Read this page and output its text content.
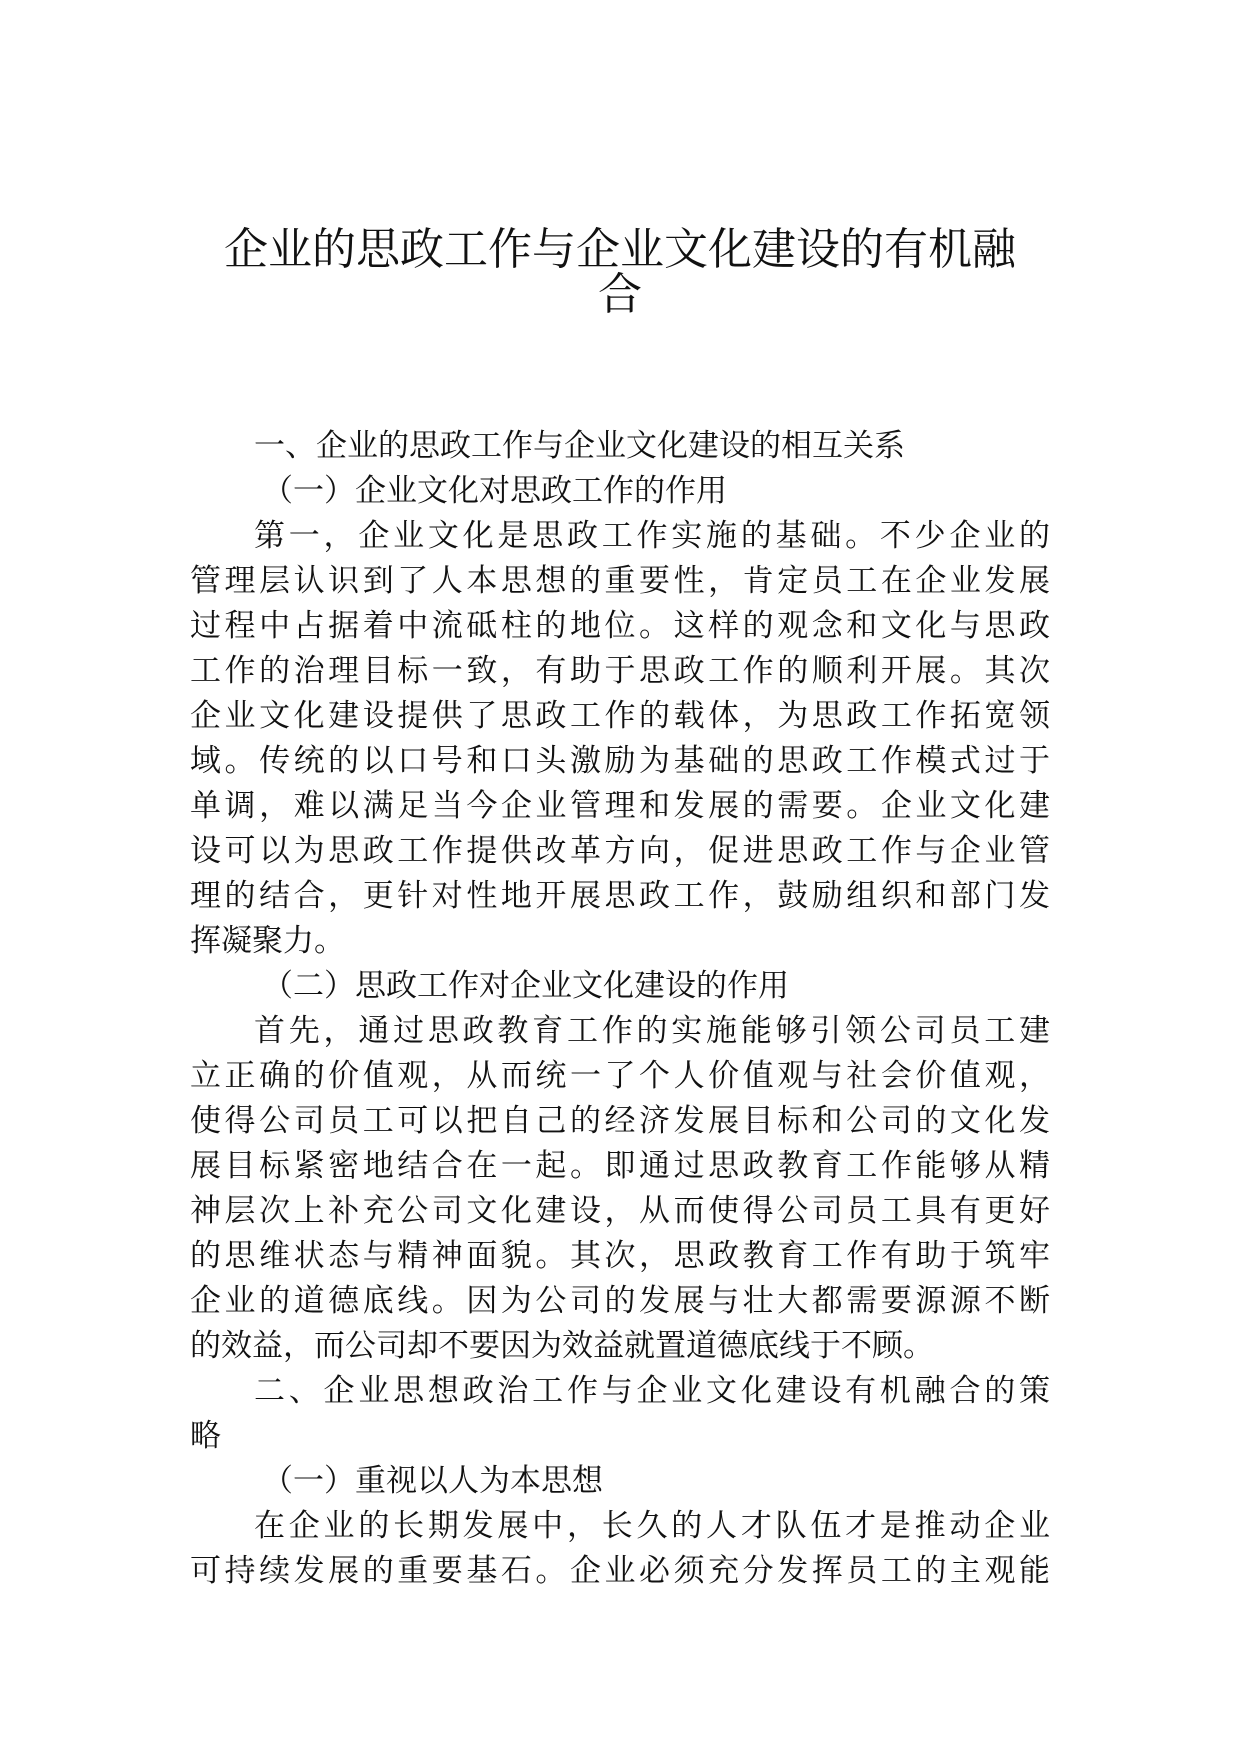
企业的思政工作与企业文化建设的有机融
合
一、企业的思政工作与企业文化建设的相互关系
（一）企业文化对思政工作的作用
第一，企业文化是思政工作实施的基础。不少企业的
管理层认识到了人本思想的重要性，肯定员工在企业发展
过程中占据着中流砥柱的地位。这样的观念和文化与思政
工作的治理目标一致，有助于思政工作的顺利开展。其次
企业文化建设提供了思政工作的载体，为思政工作拓宽领
域。传统的以口号和口头激励为基础的思政工作模式过于
单调，难以满足当今企业管理和发展的需要。企业文化建
设可以为思政工作提供改革方向，促进思政工作与企业管
理的结合，更针对性地开展思政工作，鼓励组织和部门发
挥凝聚力。
（二）思政工作对企业文化建设的作用
首先，通过思政教育工作的实施能够引领公司员工建
立正确的价值观，从而统一了个人价值观与社会价值观，
使得公司员工可以把自己的经济发展目标和公司的文化发
展目标紧密地结合在一起。即通过思政教育工作能够从精
神层次上补充公司文化建设，从而使得公司员工具有更好
的思维状态与精神面貌。其次，思政教育工作有助于筑牢
企业的道德底线。因为公司的发展与壮大都需要源源不断
的效益，而公司却不要因为效益就置道德底线于不顾。
二、企业思想政治工作与企业文化建设有机融合的策
略
（一）重视以人为本思想
在企业的长期发展中，长久的人才队伍才是推动企业
可持续发展的重要基石。企业必须充分发挥员工的主观能
